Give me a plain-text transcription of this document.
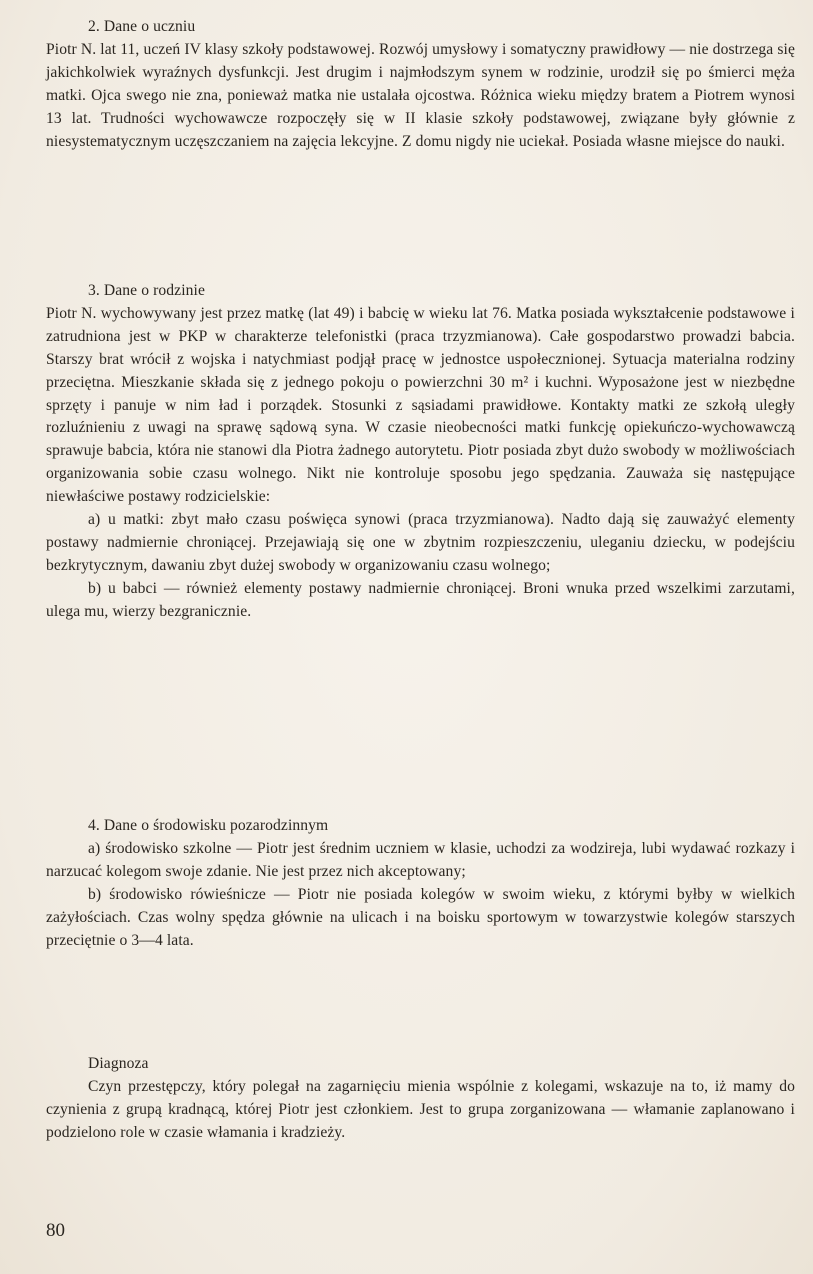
2. Dane o uczniu

Piotr N. lat 11, uczeń IV klasy szkoły podstawowej. Rozwój umysłowy i somatyczny prawidłowy — nie dostrzega się jakichkolwiek wyraźnych dysfunkcji. Jest drugim i najmłodszym synem w rodzinie, urodził się po śmierci męża matki. Ojca swego nie zna, ponieważ matka nie ustalała ojcostwa. Różnica wieku między bratem a Piotrem wynosi 13 lat. Trudności wychowawcze rozpoczęły się w II klasie szkoły podstawowej, związane były głównie z niesystematycznym uczęszczaniem na zajęcia lekcyjne. Z domu nigdy nie uciekał. Posiada własne miejsce do nauki.

3. Dane o rodzinie

Piotr N. wychowywany jest przez matkę (lat 49) i babcię w wieku lat 76. Matka posiada wykształcenie podstawowe i zatrudniona jest w PKP w charakterze telefonistki (praca trzyzmianowa). Całe gospodarstwo prowadzi babcia. Starszy brat wrócił z wojska i natychmiast podjął pracę w jednostce uspołecznionej. Sytuacja materialna rodziny przeciętna. Mieszkanie składa się z jednego pokoju o powierzchni 30 m² i kuchni. Wyposażone jest w niezbędne sprzęty i panuje w nim ład i porządek. Stosunki z sąsiadami prawidłowe. Kontakty matki ze szkołą uległy rozluźnieniu z uwagi na sprawę sądową syna. W czasie nieobecności matki funkcję opiekuńczo-wychowawczą sprawuje babcia, która nie stanowi dla Piotra żadnego autorytetu. Piotr posiada zbyt dużo swobody w możliwościach organizowania sobie czasu wolnego. Nikt nie kontroluje sposobu jego spędzania. Zauważa się następujące niewłaściwe postawy rodzicielskie:

a) u matki: zbyt mało czasu poświęca synowi (praca trzyzmianowa). Nadto dają się zauważyć elementy postawy nadmiernie chroniącej. Przejawiają się one w zbytnim rozpieszczeniu, uleganiu dziecku, w podejściu bezkrytycznym, dawaniu zbyt dużej swobody w organizowaniu czasu wolnego;

b) u babci — również elementy postawy nadmiernie chroniącej. Broni wnuka przed wszelkimi zarzutami, ulega mu, wierzy bezgranicznie.

4. Dane o środowisku pozarodzinnym

a) środowisko szkolne — Piotr jest średnim uczniem w klasie, uchodzi za wodzireja, lubi wydawać rozkazy i narzucać kolegom swoje zdanie. Nie jest przez nich akceptowany;

b) środowisko rówieśnicze — Piotr nie posiada kolegów w swoim wieku, z którymi byłby w wielkich zażyłościach. Czas wolny spędza głównie na ulicach i na boisku sportowym w towarzystwie kolegów starszych przeciętnie o 3—4 lata.

Diagnoza

Czyn przestępczy, który polegał na zagarnięciu mienia wspólnie z kolegami, wskazuje na to, iż mamy do czynienia z grupą kradnącą, której Piotr jest członkiem. Jest to grupa zorganizowana — włamanie zaplanowano i podzielono role w czasie włamania i kradzieży.

80
